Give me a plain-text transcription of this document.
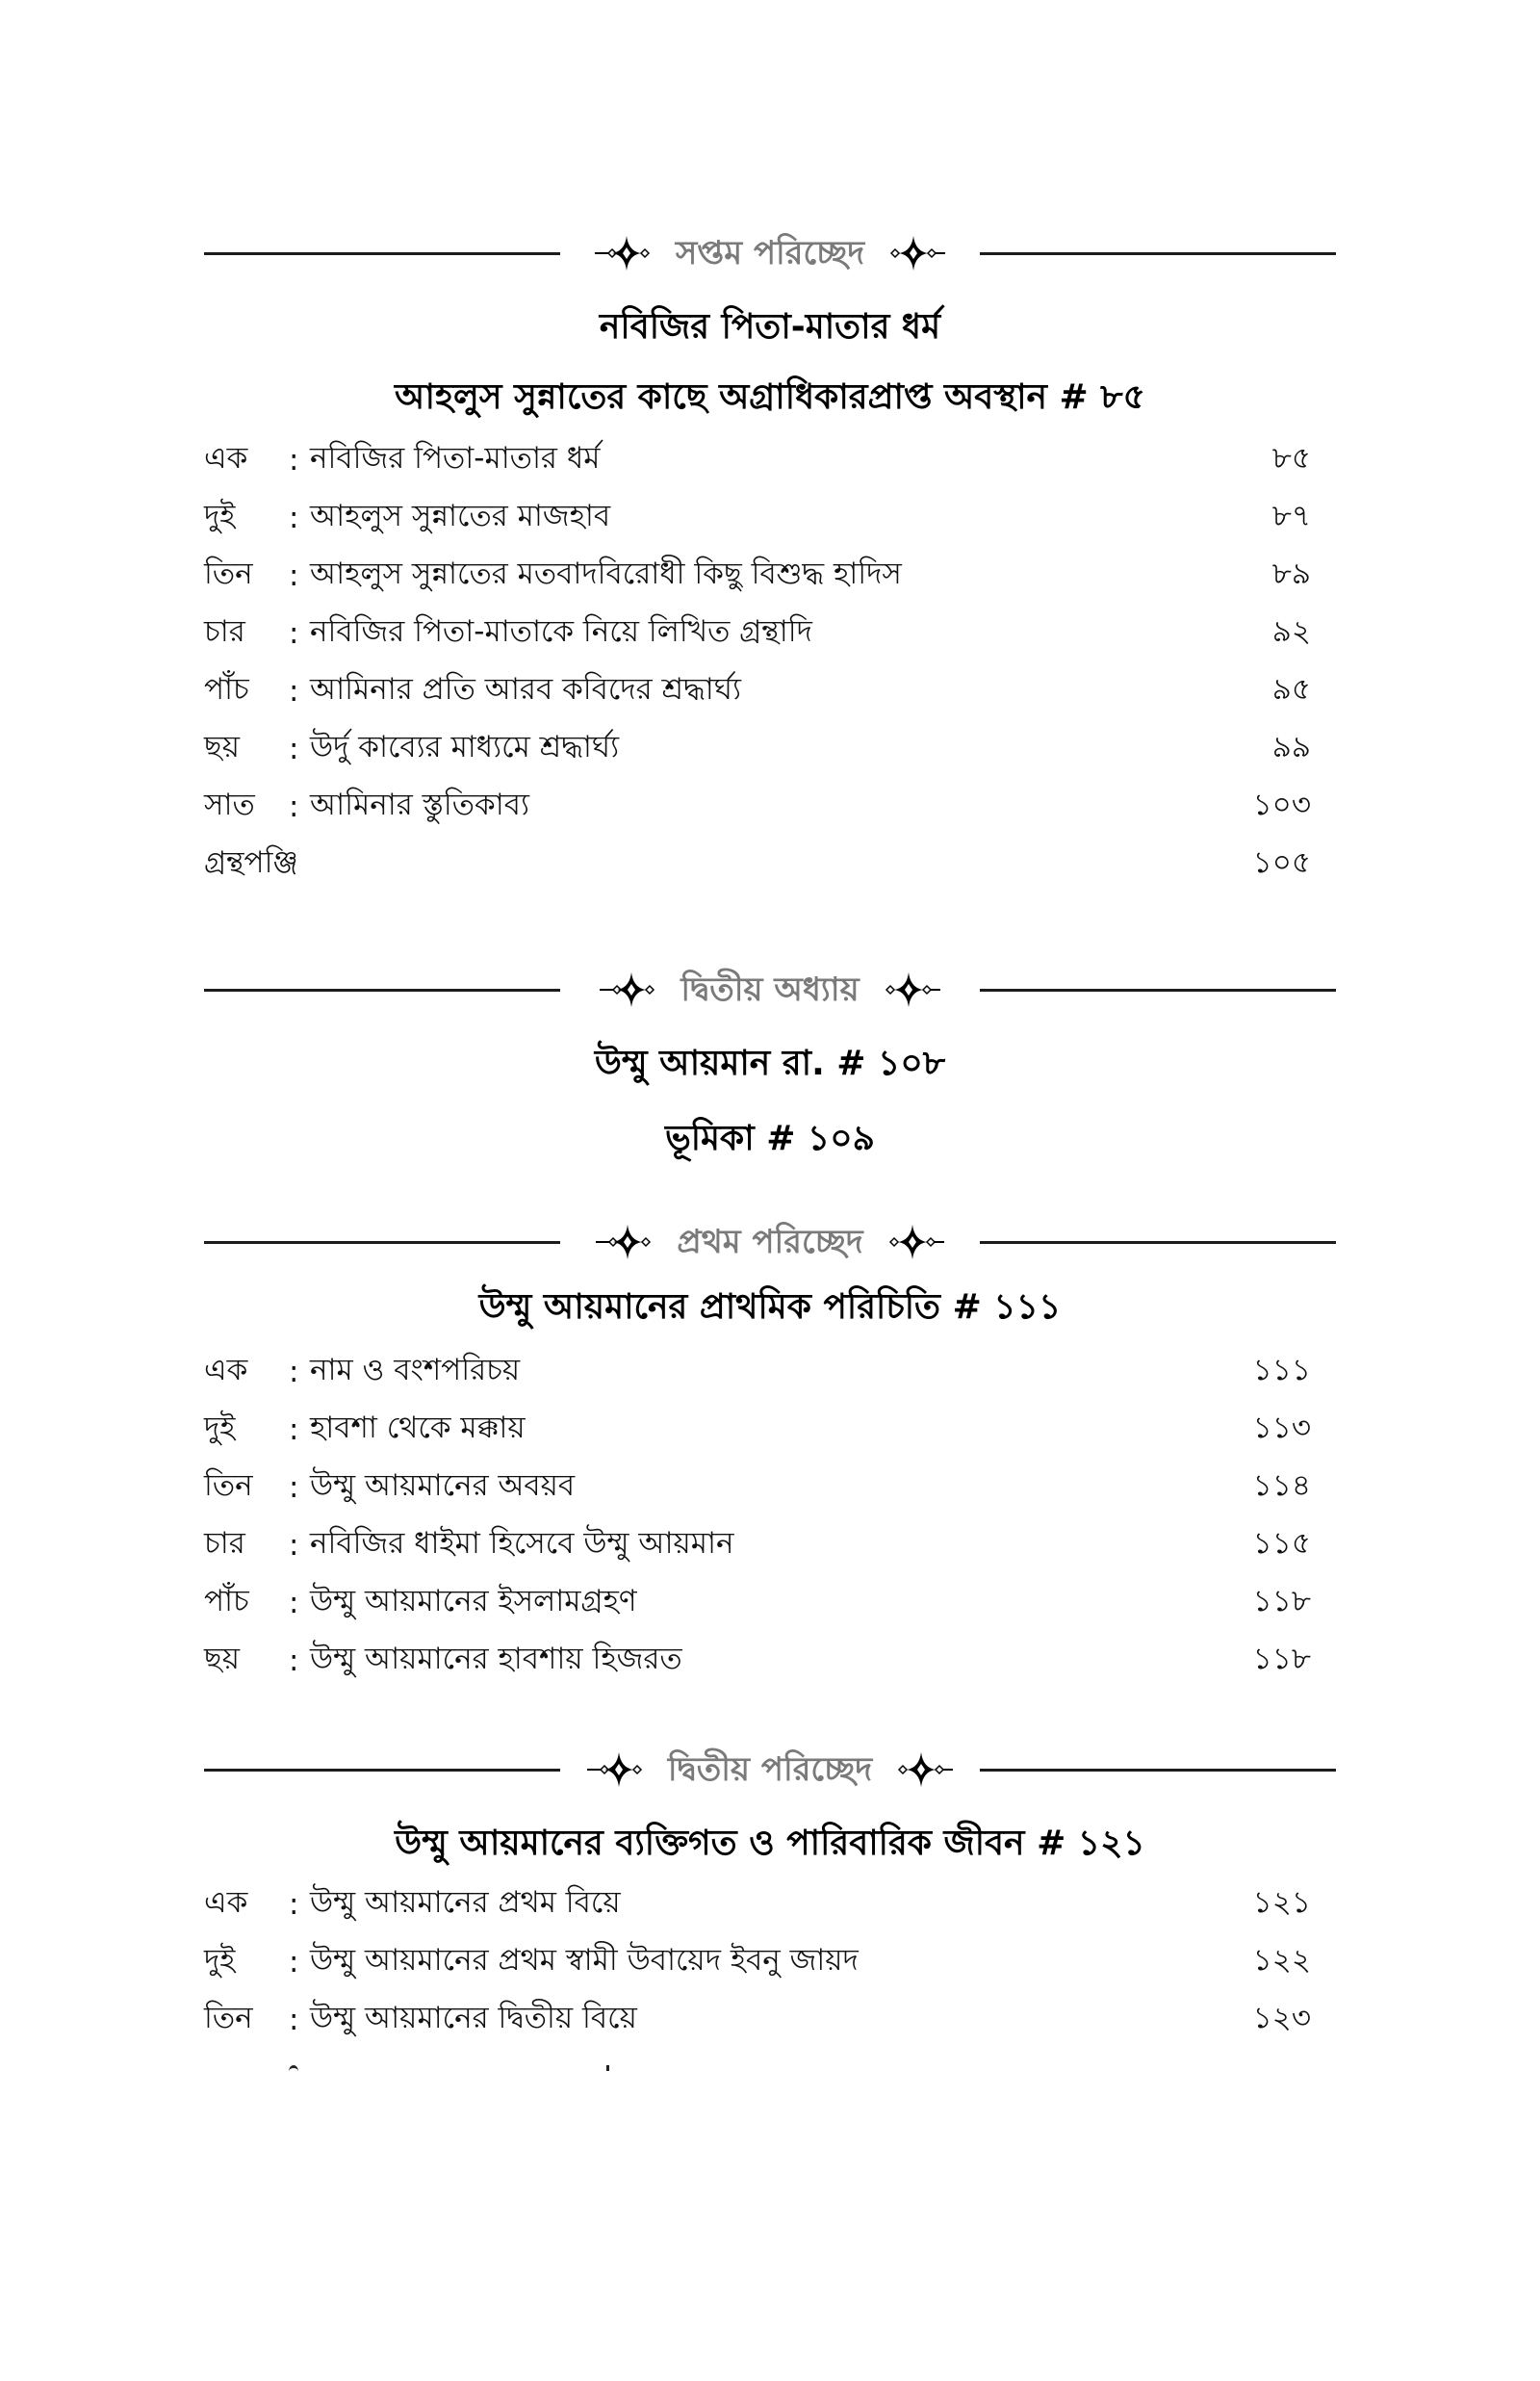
সপ্তম পরিচ্ছেদ
নবিজির পিতা-মাতার ধর্ম
আহলুস সুন্নাতের কাছে অগ্রাধিকারপ্রাপ্ত অবস্থান # ৮৫
এক	: নবিজির পিতা-মাতার ধর্ম	৮৫
দুই	: আহলুস সুন্নাতের মাজহাব	৮৭
তিন	: আহলুস সুন্নাতের মতবাদবিরোধী কিছু বিশুদ্ধ হাদিস	৮৯
চার	: নবিজির পিতা-মাতাকে নিয়ে লিখিত গ্রন্থাদি	৯২
পাঁচ	: আমিনার প্রতি আরব কবিদের শ্রদ্ধার্ঘ্য	৯৫
ছয়	: উর্দু কাব্যের মাধ্যমে শ্রদ্ধার্ঘ্য	৯৯
সাত	: আমিনার স্তুতিকাব্য	১০৩
গ্রন্থপঞ্জি	১০৫
দ্বিতীয় অধ্যায়
উম্মু আয়মান রা. # ১০৮
ভূমিকা # ১০৯
প্রথম পরিচ্ছেদ
উম্মু আয়মানের প্রাথমিক পরিচিতি # ১১১
এক	: নাম ও বংশপরিচয়	১১১
দুই	: হাবশা থেকে মক্কায়	১১৩
তিন	: উম্মু আয়মানের অবয়ব	১১৪
চার	: নবিজির ধাইমা হিসেবে উম্মু আয়মান	১১৫
পাঁচ	: উম্মু আয়মানের ইসলামগ্রহণ	১১৮
ছয়	: উম্মু আয়মানের হাবশায় হিজরত	১১৮
দ্বিতীয় পরিচ্ছেদ
উম্মু আয়মানের ব্যক্তিগত ও পারিবারিক জীবন # ১২১
এক	: উম্মু আয়মানের প্রথম বিয়ে	১২১
দুই	: উম্মু আয়মানের প্রথম স্বামী উবায়েদ ইবনু জায়দ	১২২
তিন	: উম্মু আয়মানের দ্বিতীয় বিয়ে	১২৩
